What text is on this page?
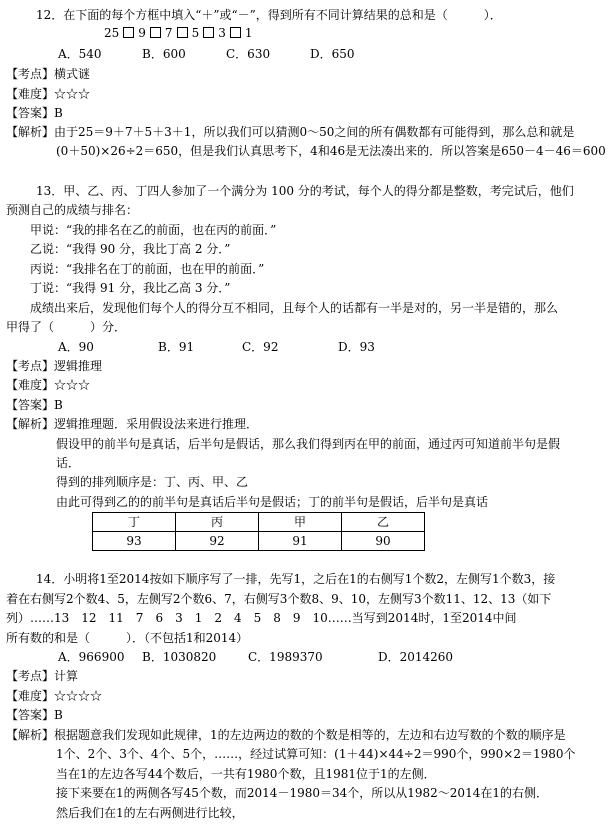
12．在下面的每个方框中填入“＋”或“－”，得到所有不同计算结果的总和是（　　　）．
25 9 7 5 3 1
A．540	B．600	C．630	D．650
【考点】横式谜
【难度】☆☆☆
【答案】B
【解析】由于25＝9＋7＋5＋3＋1，所以我们可以猜测0～50之间的所有偶数都有可能得到，那么总和就是
(0＋50)×26÷2＝650，但是我们认真思考下，4和46是无法凑出来的．所以答案是650－4－46＝600
13．甲、乙、丙、丁四人参加了一个满分为 100 分的考试，每个人的得分都是整数，考完试后，他们
预测自己的成绩与排名：
甲说：“我的排名在乙的前面，也在丙的前面．”
乙说：“我得 90 分，我比丁高 2 分．”
丙说：“我排名在丁的前面，也在甲的前面．”
丁说：“我得 91 分，我比乙高 3 分．”
成绩出来后，发现他们每个人的得分互不相同，且每个人的话都有一半是对的，另一半是错的，那么
甲得了（　　　）分．
A．90	B．91	C．92	D．93
【考点】逻辑推理
【难度】☆☆☆
【答案】B
【解析】逻辑推理题．采用假设法来进行推理．
假设甲的前半句是真话，后半句是假话，那么我们得到丙在甲的前面，通过丙可知道前半句是假
话．
得到的排列顺序是：丁、丙、甲、乙
由此可得到乙的的前半句是真话后半句是假话；丁的前半句是假话，后半句是真话
丁	丙	甲	乙
93	92	91	90
14．小明将1至2014按如下顺序写了一排，先写1，之后在1的右侧写1个数2，左侧写1个数3，接
着在右侧写2个数4、5，左侧写2个数6、7，右侧写3个数8、9、10，左侧写3个数11、12、13（如下
列）……13　12　11　7　6　3　1　2　4　5　8　9　10……当写到2014时，1至2014中间
所有数的和是（　　　）．（不包括1和2014）
A．966900 B．1030820	C．1989370	D．2014260
【考点】计算
【难度】☆☆☆☆
【答案】B
【解析】根据题意我们发现如此规律，1的左边两边的数的个数是相等的，左边和右边写数的个数的顺序是
1个、2个、3个、4个、5个，……，经过试算可知：(1＋44)×44÷2＝990个，990×2＝1980个
当在1的左边各写44个数后，一共有1980个数，且1981位于1的左侧．
接下来要在1的两侧各写45个数，而2014－1980＝34个，所以从1982～2014在1的右侧．
然后我们在1的左右两侧进行比较，
